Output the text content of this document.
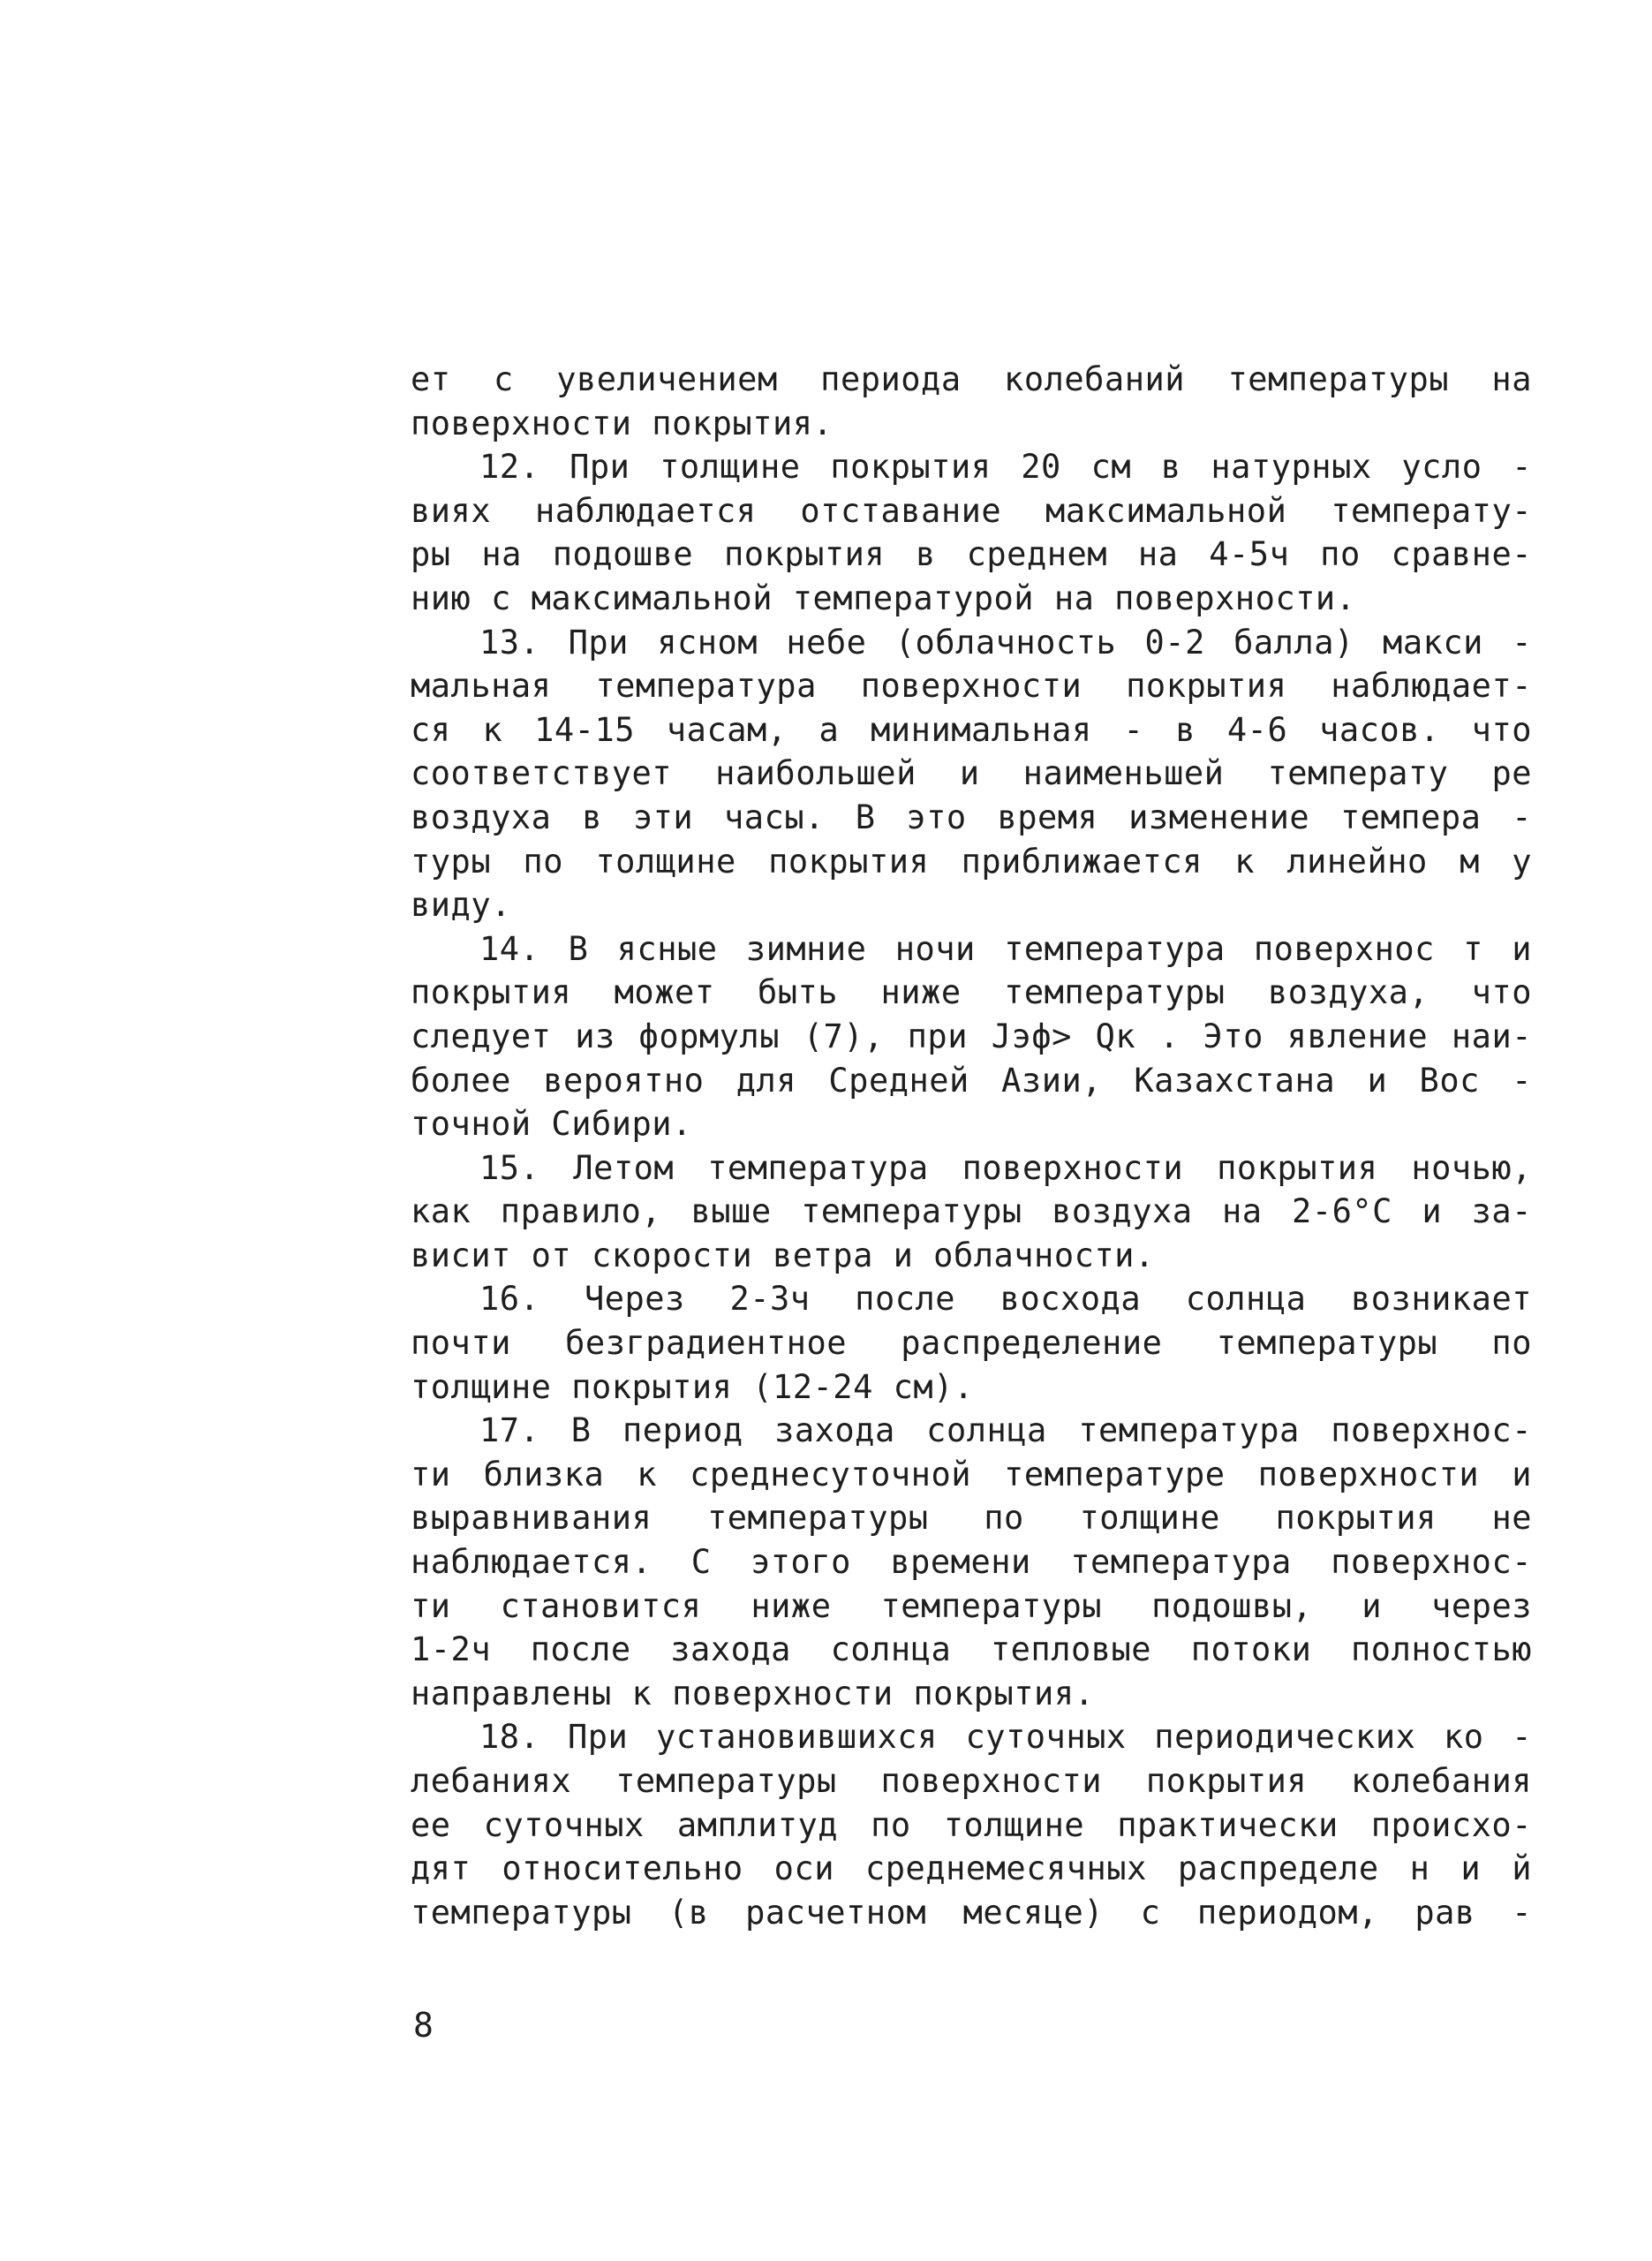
ет с увеличением периода колебаний температуры на
поверхности покрытия.
12. При толщине покрытия 20 см в натурных усло -
виях наблюдается отставание максимальной температу-
ры на подошве покрытия в среднем на 4-5ч по сравне-
нию с максимальной температурой на поверхности.
13. При ясном небе (облачность 0-2 балла) макси -
мальная температура поверхности покрытия наблюдает-
ся к 14-15 часам, а минимальная - в 4-6 часов. что
соответствует наибольшей и наименьшей температу ре
воздуха в эти часы. В это время изменение темпера -
туры по толщине покрытия приближается к линейно м у
виду.
14. В ясные зимние ночи температура поверхнос т и
покрытия может быть ниже температуры воздуха, что
следует из формулы (7), при Jэф> Qк . Это явление наи-
более вероятно для Средней Азии, Казахстана и Вос -
точной Сибири.
15. Летом температура поверхности покрытия ночью,
как правило, выше температуры воздуха на 2-6°С и за-
висит от скорости ветра и облачности.
16. Через 2-3ч после восхода солнца возникает
почти безградиентное распределение температуры по
толщине покрытия (12-24 см).
17. В период захода солнца температура поверхнос-
ти близка к среднесуточной температуре поверхности и
выравнивания температуры по толщине покрытия не
наблюдается. С этого времени температура поверхнос-
ти становится ниже температуры подошвы, и через
1-2ч после захода солнца тепловые потоки полностью
направлены к поверхности покрытия.
18. При установившихся суточных периодических ко -
лебаниях температуры поверхности покрытия колебания
ее суточных амплитуд по толщине практически происхо-
дят относительно оси среднемесячных распределе н и й
температуры (в расчетном месяце) с периодом, рав -
8
